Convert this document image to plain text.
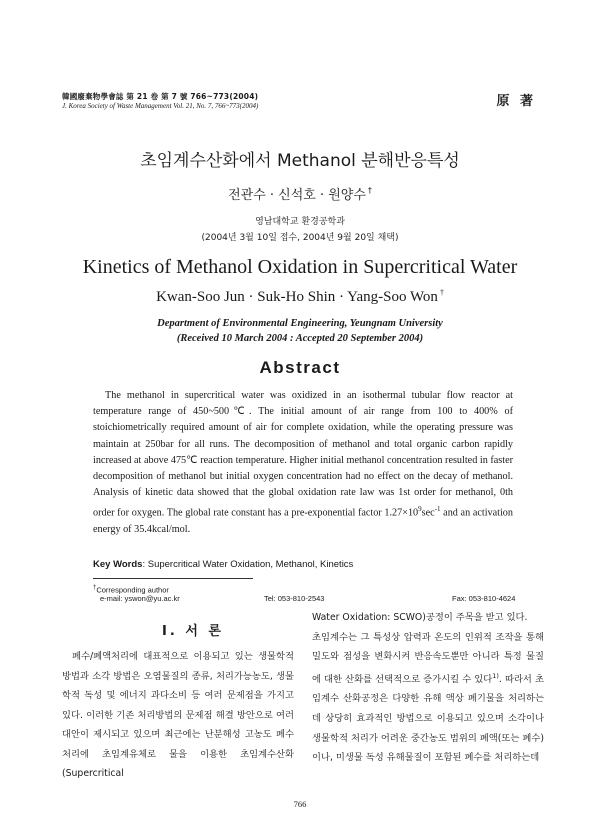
韓國廢棄物學會誌 第 21 卷 第 7 號 766~773(2004)
J. Korea Society of Waste Management Vol. 21, No. 7, 766~773(2004)	原 著
초임계수산화에서 Methanol 분해반응특성
전관수 · 신석호 · 원양수 †
영남대학교 환경공학과
(2004년 3월 10일 접수, 2004년 9월 20일 채택)
Kinetics of Methanol Oxidation in Supercritical Water
Kwan-Soo Jun · Suk-Ho Shin · Yang-Soo Won †
Department of Environmental Engineering, Yeungnam University
(Received 10 March 2004 : Accepted 20 September 2004)
Abstract

The methanol in supercritical water was oxidized in an isothermal tubular flow reactor at temperature range of 450~500℃. The initial amount of air range from 100 to 400% of stoichiometrically required amount of air for complete oxidation, while the operating pressure was maintain at 250bar for all runs. The decomposition of methanol and total organic carbon rapidly increased at above 475℃ reaction temperature. Higher initial methanol concentration resulted in faster decomposition of methanol but initial oxygen concentration had no effect on the decay of methanol. Analysis of kinetic data showed that the global oxidation rate law was 1st order for methanol, 0th order for oxygen. The global rate constant has a pre-exponential factor $1.27\times 10^9\sec^{-1}$ and an activation energy of 35.4kcal/mol.

Key Words: Supercritical Water Oxidation, Methanol, Kinetics
†Corresponding author
e-mail: yswon@yu.ac.kr	Tel: 053-810-2543	Fax: 053-810-4624
Ⅰ. 서 론

폐수/폐액처리에 대표적으로 이용되고 있는 생물학적 방법과 소각 방법은 오염물질의 종류, 처리가능농도, 생물학적 독성 및 에너지 과다소비 등 여러 문제점을 가지고 있다. 이러한 기존 처리방법의 문제점 해결 방안으로 여러 대안이 제시되고 있으며 최근에는 난분해성 고농도 폐수처리에 초임계유체로 물을 이용한 초임계수산화(Supercritical

Water Oxidation: SCWO)공정이 주목을 받고 있다.

초임계수는 그 특성상 압력과 온도의 인위적 조작을 통해 밀도와 점성을 변화시켜 반응속도뿐만 아니라 특정 물질에 대한 산화를 선택적으로 증가시킬 수 있다$^{1)}$. 따라서 초임계수 산화공정은 다양한 유해 액상 폐기물을 처리하는데 상당히 효과적인 방법으로 이용되고 있으며 소각이나 생물학적 처리가 어려운 중간농도 범위의 폐액(또는 폐수)이나, 미생물 독성 유해물질이 포함된 폐수를 처리하는데

766
